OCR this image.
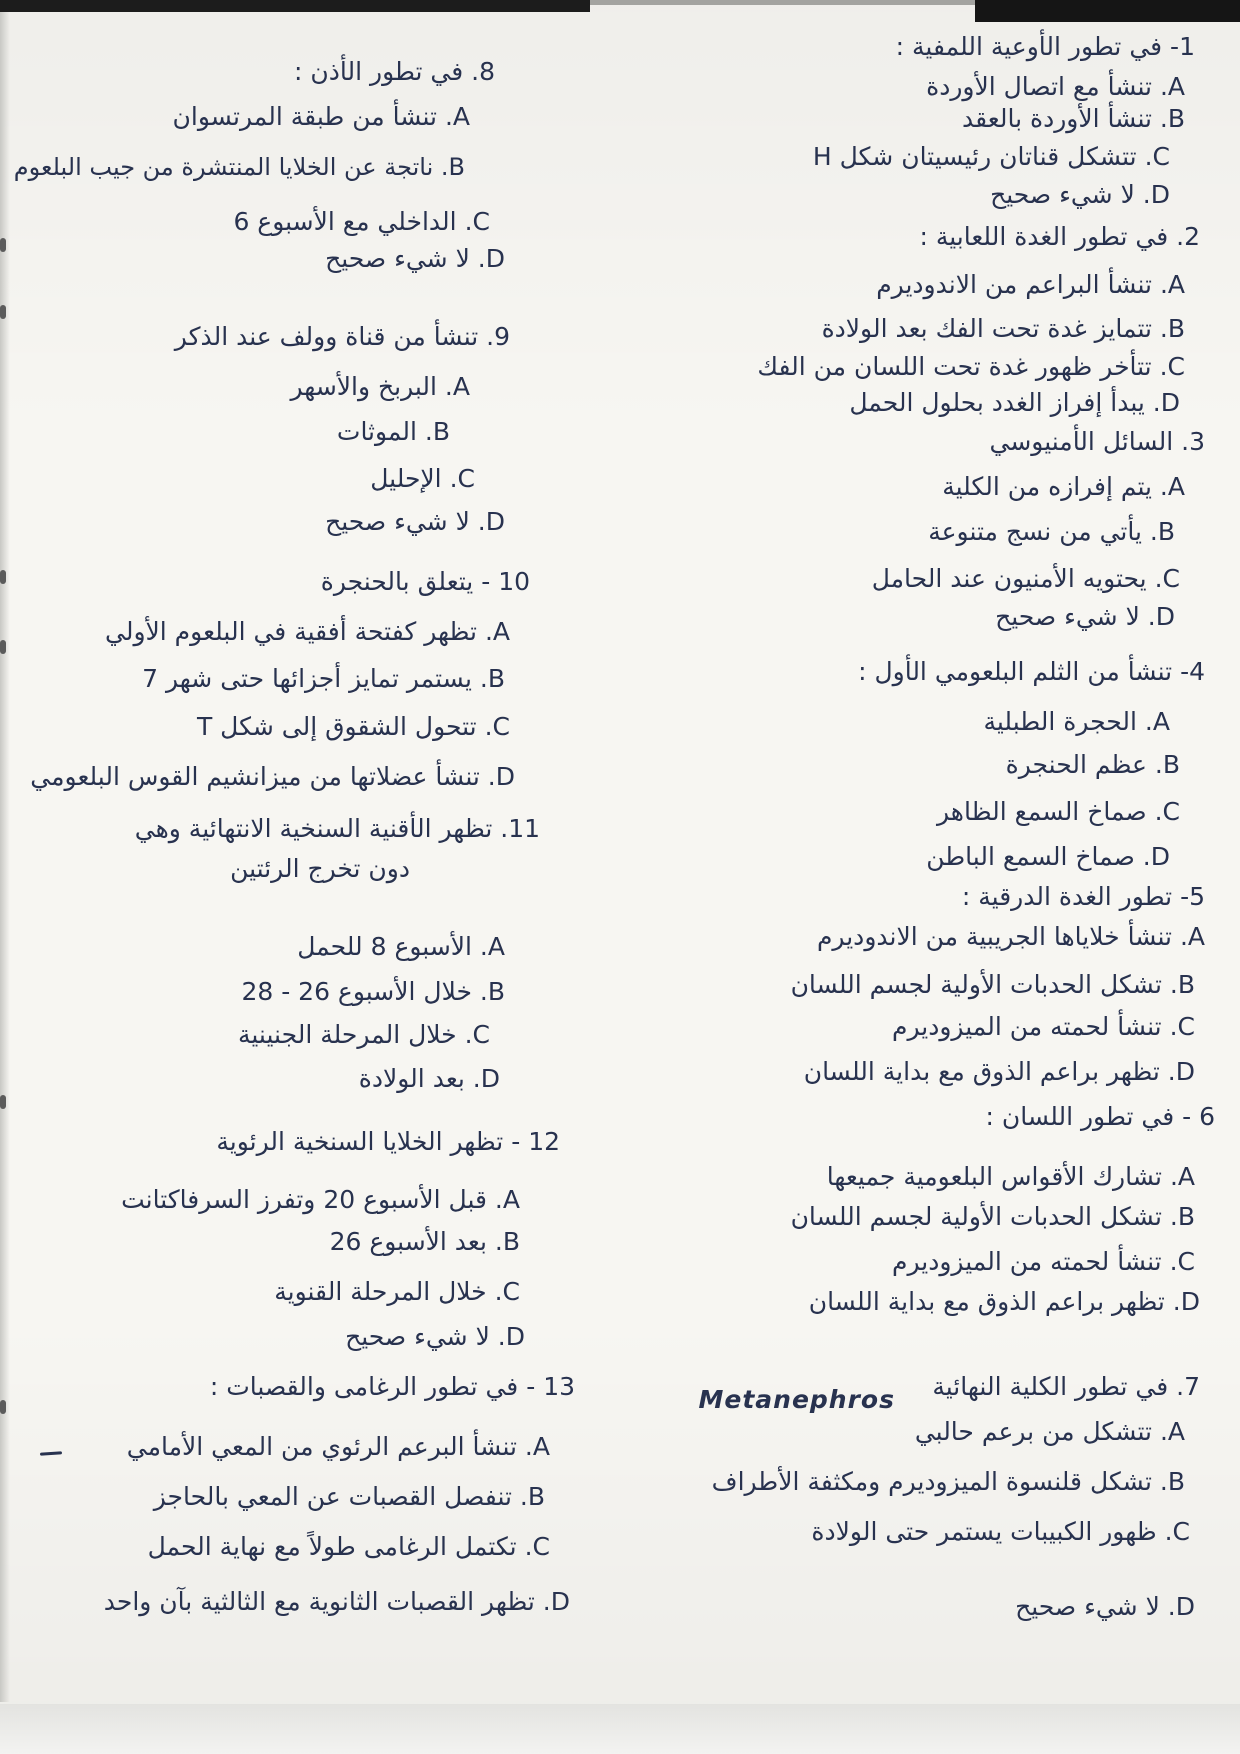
1- في تطور الأوعية اللمفية :
A. تنشأ مع اتصال الأوردة
B. تنشأ الأوردة بالعقد
C. تتشكل قناتان رئيسيتان شكل H
D. لا شيء صحيح
2. في تطور الغدة اللعابية :
A. تنشأ البراعم من الاندوديرم
B. تتمايز غدة تحت الفك بعد الولادة
C. تتأخر ظهور غدة تحت اللسان من الفك
D. يبدأ إفراز الغدد بحلول الحمل
3. السائل الأمنيوسي
A. يتم إفرازه من الكلية
B. يأتي من نسج متنوعة
C. يحتويه الأمنيون عند الحامل
D. لا شيء صحيح
4- تنشأ من الثلم البلعومي الأول :
A. الحجرة الطبلية
B. عظم الحنجرة
C. صماخ السمع الظاهر
D. صماخ السمع الباطن
5- تطور الغدة الدرقية :
A. تنشأ خلاياها الجريبية من الاندوديرم
B. تشكل الحدبات الأولية لجسم اللسان
C. تنشأ لحمته من الميزوديرم
D. تظهر براعم الذوق مع بداية اللسان
6 - في تطور اللسان :
A. تشارك الأقواس البلعومية جميعها
B. تشكل الحدبات الأولية لجسم اللسان
C. تنشأ لحمته من الميزوديرم
D. تظهر براعم الذوق مع بداية اللسان
7. في تطور الكلية النهائية
Metanephros
A. تتشكل من برعم حالبي
B. تشكل قلنسوة الميزوديرم ومكثفة الأطراف
C. ظهور الكبيبات يستمر حتى الولادة
D. لا شيء صحيح
8. في تطور الأذن :
A. تنشأ من طبقة المرتسوان
B. ناتجة عن الخلايا المنتشرة من جيب البلعوم
C. الداخلي مع الأسبوع 6
D. لا شيء صحيح
9. تنشأ من قناة وولف عند الذكر
A. البربخ والأسهر
B. الموثات
C. الإحليل
D. لا شيء صحيح
10 - يتعلق بالحنجرة
A. تظهر كفتحة أفقية في البلعوم الأولي
B. يستمر تمايز أجزائها حتى شهر 7
C. تتحول الشقوق إلى شكل T
D. تنشأ عضلاتها من ميزانشيم القوس البلعومي
11. تظهر الأقنية السنخية الانتهائية وهي
دون تخرج الرئتين
A. الأسبوع 8 للحمل
B. خلال الأسبوع 26 - 28
C. خلال المرحلة الجنينية
D. بعد الولادة
12 - تظهر الخلايا السنخية الرئوية
A. قبل الأسبوع 20 وتفرز السرفاكتانت
B. بعد الأسبوع 26
C. خلال المرحلة القنوية
D. لا شيء صحيح
13 - في تطور الرغامى والقصبات :
A. تنشأ البرعم الرئوي من المعي الأمامي
B. تنفصل القصبات عن المعي بالحاجز
C. تكتمل الرغامى طولاً مع نهاية الحمل
D. تظهر القصبات الثانوية مع الثالثية بآن واحد
